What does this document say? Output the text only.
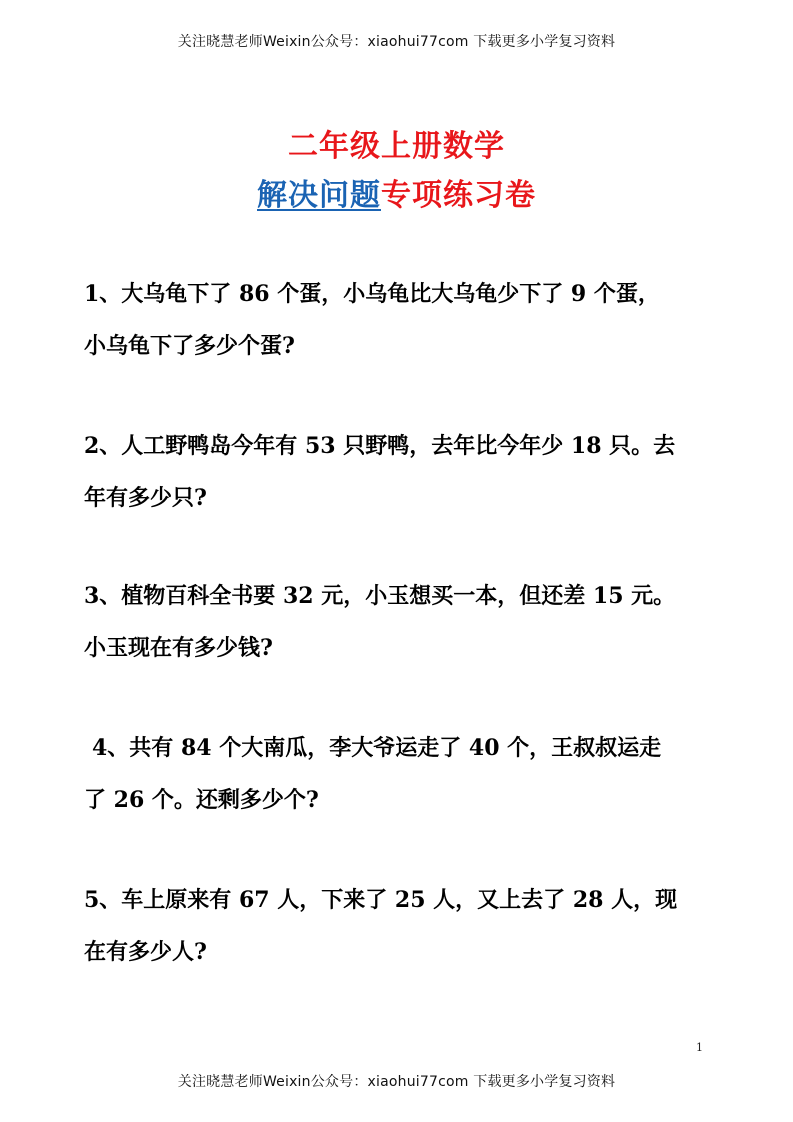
关注晓慧老师Weixin公众号：xiaohui77com 下载更多小学复习资料
二年级上册数学
解决问题专项练习卷
1、大乌龟下了 86 个蛋，小乌龟比大乌龟少下了 9 个蛋，
小乌龟下了多少个蛋?
2、人工野鸭岛今年有 53 只野鸭，去年比今年少 18 只。去
年有多少只?
3、植物百科全书要 32 元，小玉想买一本，但还差 15 元。
小玉现在有多少钱?
4、共有 84 个大南瓜，李大爷运走了 40 个，王叔叔运走
了 26 个。还剩多少个?
5、车上原来有 67 人，下来了 25 人，又上去了 28 人，现
在有多少人?
1
关注晓慧老师Weixin公众号：xiaohui77com 下载更多小学复习资料
